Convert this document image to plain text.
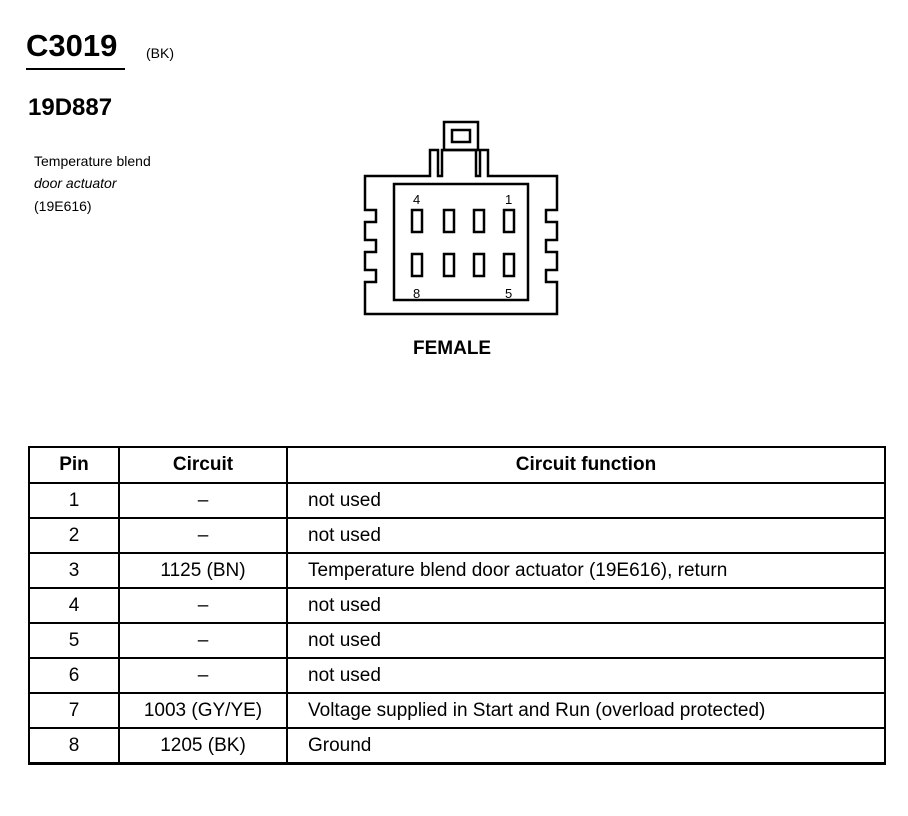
C3019 (BK)
19D887
Temperature blend
door actuator
(19E616)	4	1
8	5
FEMALE
Pin	Circuit	Circuit function
1	–	not used
2	–	not used
3	1125 (BN)	Temperature blend door actuator (19E616), return
4	–	not used
5	–	not used
6	–	not used
7	1003 (GY/YE)	Voltage supplied in Start and Run (overload protected)
8	1205 (BK)	Ground
